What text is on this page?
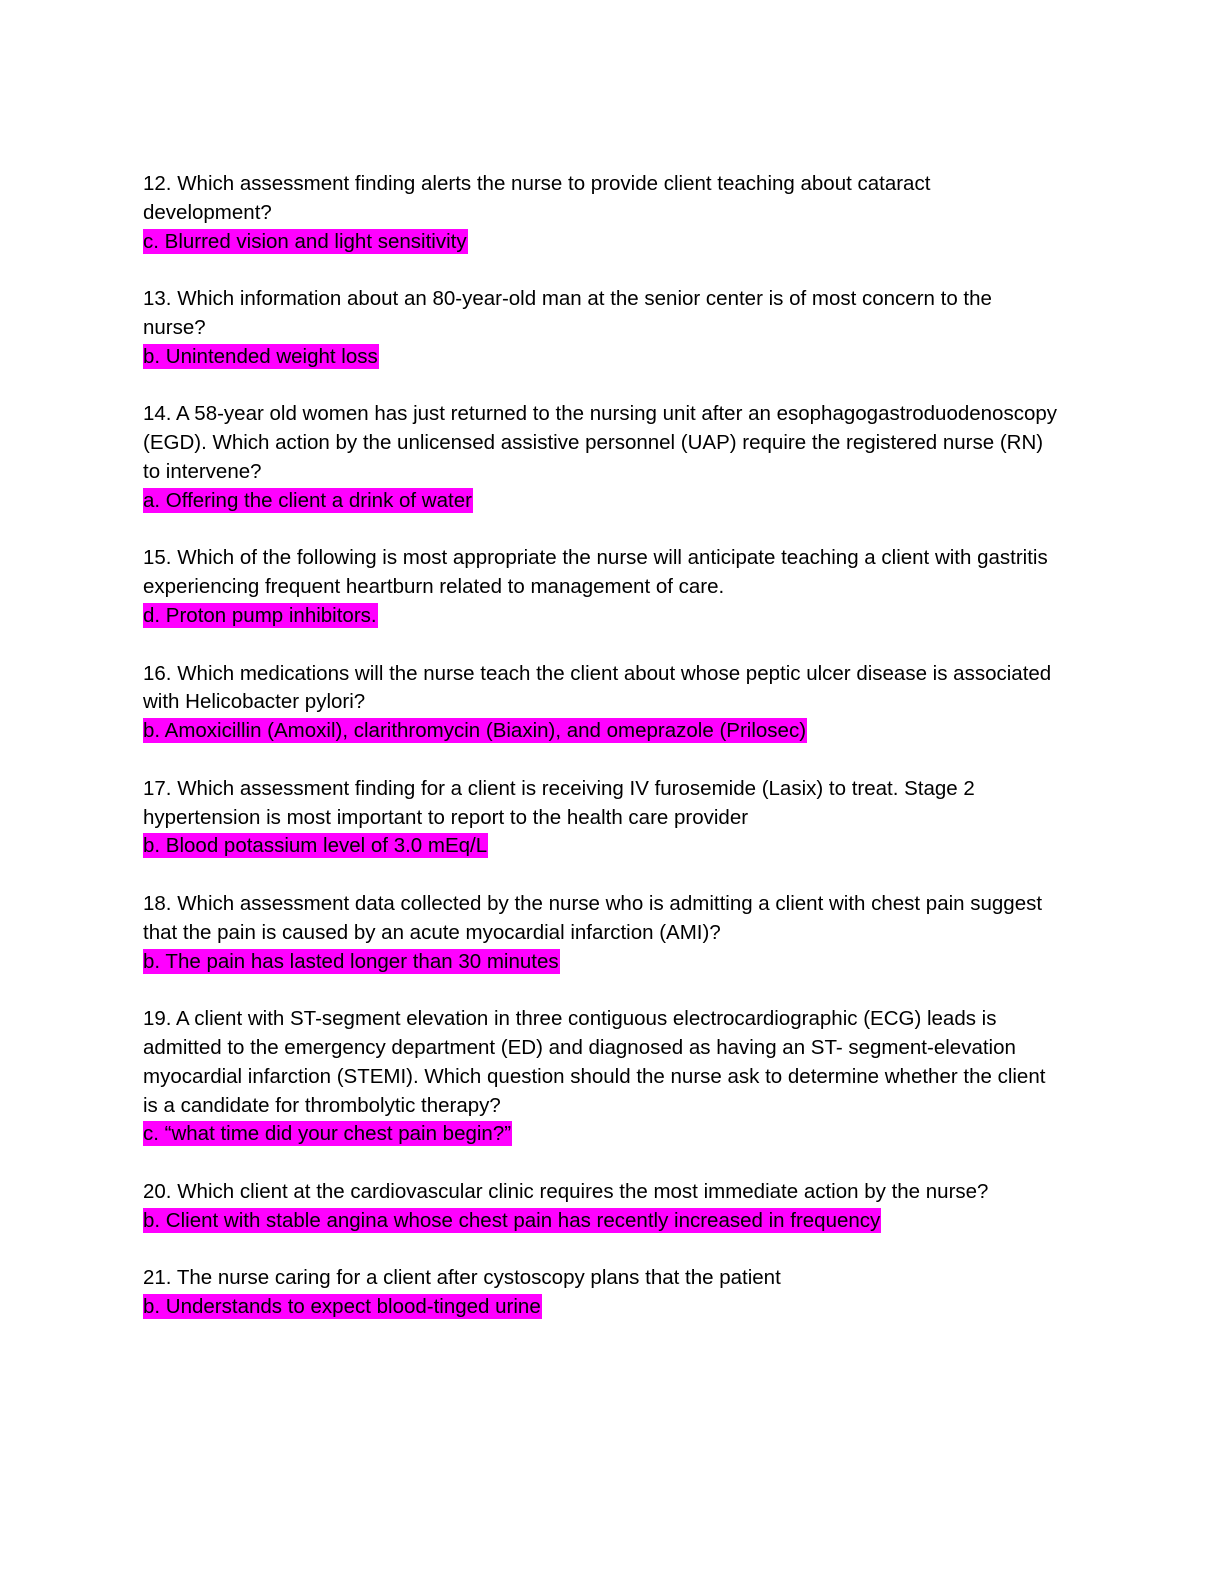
12. Which assessment finding alerts the nurse to provide client teaching about cataract development?
c. Blurred vision and light sensitivity
13. Which information about an 80-year-old man at the senior center is of most concern to the nurse?
b. Unintended weight loss
14. A 58-year old women has just returned to the nursing unit after an esophagogastroduodenoscopy (EGD). Which action by the unlicensed assistive personnel (UAP) require the registered nurse (RN) to intervene?
a. Offering the client a drink of water
15. Which of the following is most appropriate the nurse will anticipate teaching a client with gastritis experiencing frequent heartburn related to management of care.
d. Proton pump inhibitors.
16. Which medications will the nurse teach the client about whose peptic ulcer disease is associated with Helicobacter pylori?
b. Amoxicillin (Amoxil), clarithromycin (Biaxin), and omeprazole (Prilosec)
17. Which assessment finding for a client is receiving IV furosemide (Lasix) to treat. Stage 2 hypertension is most important to report to the health care provider
b. Blood potassium level of 3.0 mEq/L
18. Which assessment data collected by the nurse who is admitting a client with chest pain suggest that the pain is caused by an acute myocardial infarction (AMI)?
b. The pain has lasted longer than 30 minutes
19. A client with ST-segment elevation in three contiguous electrocardiographic (ECG) leads is admitted to the emergency department (ED) and diagnosed as having an ST- segment-elevation myocardial infarction (STEMI). Which question should the nurse ask to determine whether the client is a candidate for thrombolytic therapy?
c. “what time did your chest pain begin?”
20. Which client at the cardiovascular clinic requires the most immediate action by the nurse?
b. Client with stable angina whose chest pain has recently increased in frequency
21. The nurse caring for a client after cystoscopy plans that the patient
b. Understands to expect blood-tinged urine
